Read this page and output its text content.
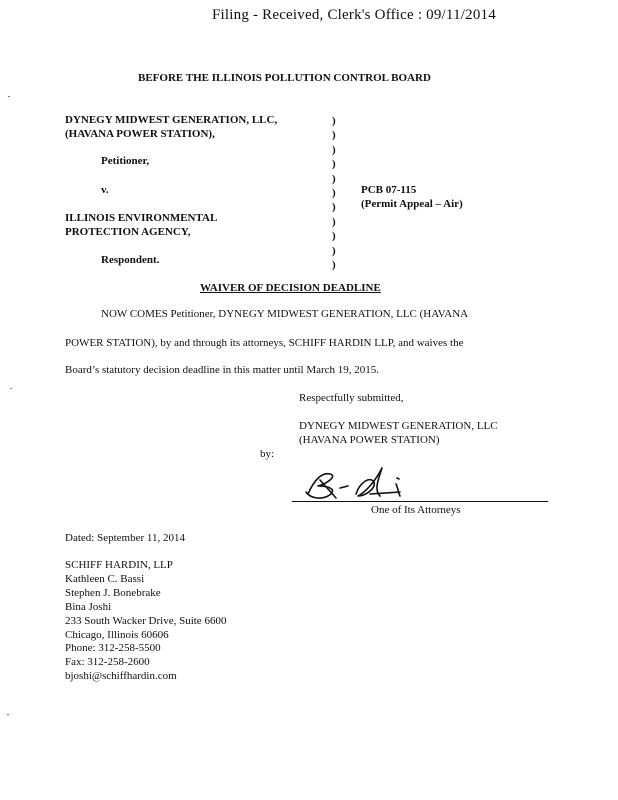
Filing - Received, Clerk's Office : 09/11/2014
BEFORE THE ILLINOIS POLLUTION CONTROL BOARD
DYNEGY MIDWEST GENERATION, LLC,
(HAVANA POWER STATION),
Petitioner,
v.
ILLINOIS ENVIRONMENTAL
PROTECTION AGENCY,
Respondent.
)
)
)
)
)
)
)
)
)
)
)
PCB 07-115
(Permit Appeal – Air)
WAIVER OF DECISION DEADLINE
NOW COMES Petitioner, DYNEGY MIDWEST GENERATION, LLC (HAVANA
POWER STATION), by and through its attorneys, SCHIFF HARDIN LLP, and waives the
Board’s statutory decision deadline in this matter until March 19, 2015.
Respectfully submitted,
DYNEGY MIDWEST GENERATION, LLC
(HAVANA POWER STATION)
by:
One of Its Attorneys
Dated: September 11, 2014
SCHIFF HARDIN, LLP
Kathleen C. Bassi
Stephen J. Bonebrake
Bina Joshi
233 South Wacker Drive, Suite 6600
Chicago, Illinois 60606
Phone: 312-258-5500
Fax: 312-258-2600
bjoshi@schiffhardin.com
